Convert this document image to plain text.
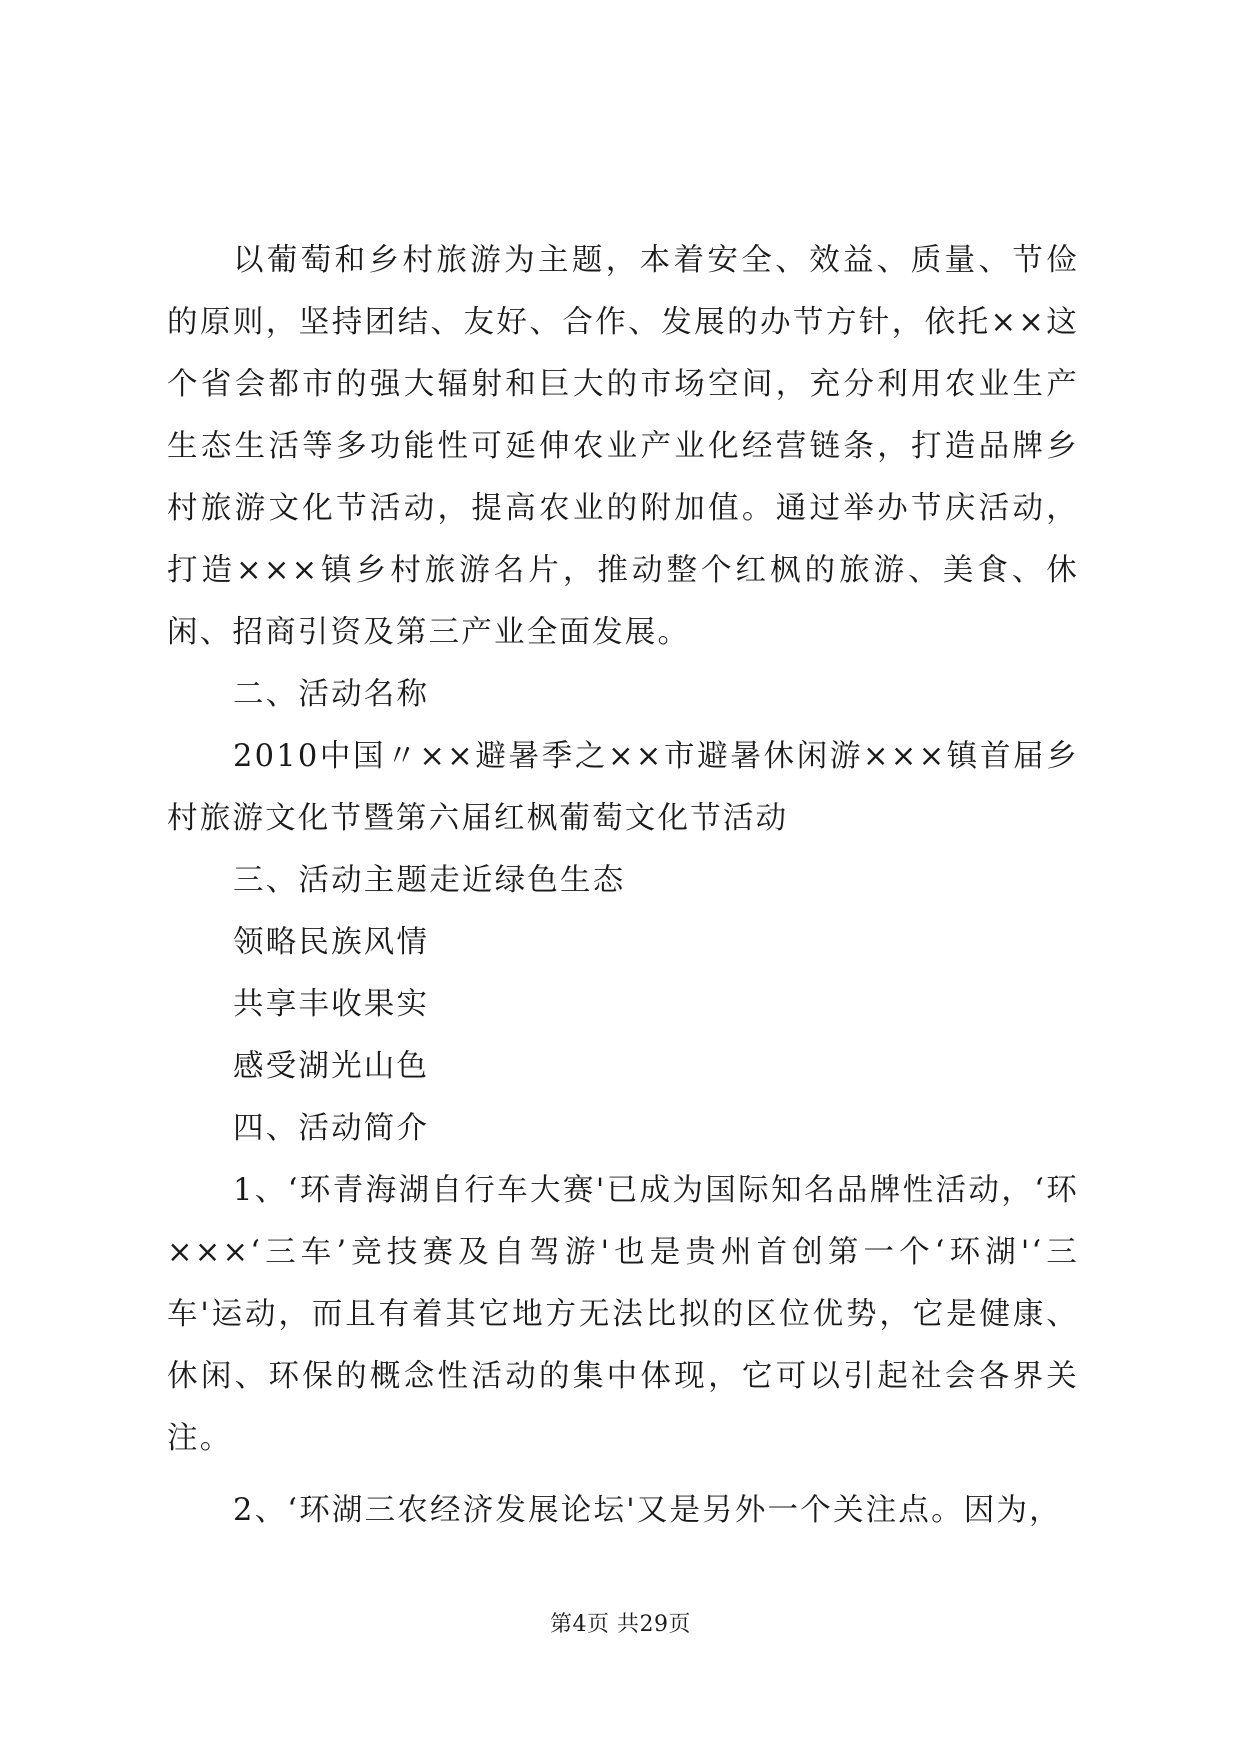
以葡萄和乡村旅游为主题，本着安全、效益、质量、节俭的原则，坚持团结、友好、合作、发展的办节方针，依托××这个省会都市的强大辐射和巨大的市场空间，充分利用农业生产生态生活等多功能性可延伸农业产业化经营链条，打造品牌乡村旅游文化节活动，提高农业的附加值。通过举办节庆活动，打造×××镇乡村旅游名片，推动整个红枫的旅游、美食、休闲、招商引资及第三产业全面发展。

二、活动名称

2010中国〃××避暑季之××市避暑休闲游×××镇首届乡村旅游文化节暨第六届红枫葡萄文化节活动

三、活动主题走近绿色生态

领略民族风情

共享丰收果实

感受湖光山色

四、活动简介

1、‘环青海湖自行车大赛'已成为国际知名品牌性活动，‘环×××‘三车’竞技赛及自驾游'也是贵州首创第一个‘环湖'‘三车'运动，而且有着其它地方无法比拟的区位优势，它是健康、休闲、环保的概念性活动的集中体现，它可以引起社会各界关注。

2、‘环湖三农经济发展论坛'又是另外一个关注点。因为，

第4页 共29页
